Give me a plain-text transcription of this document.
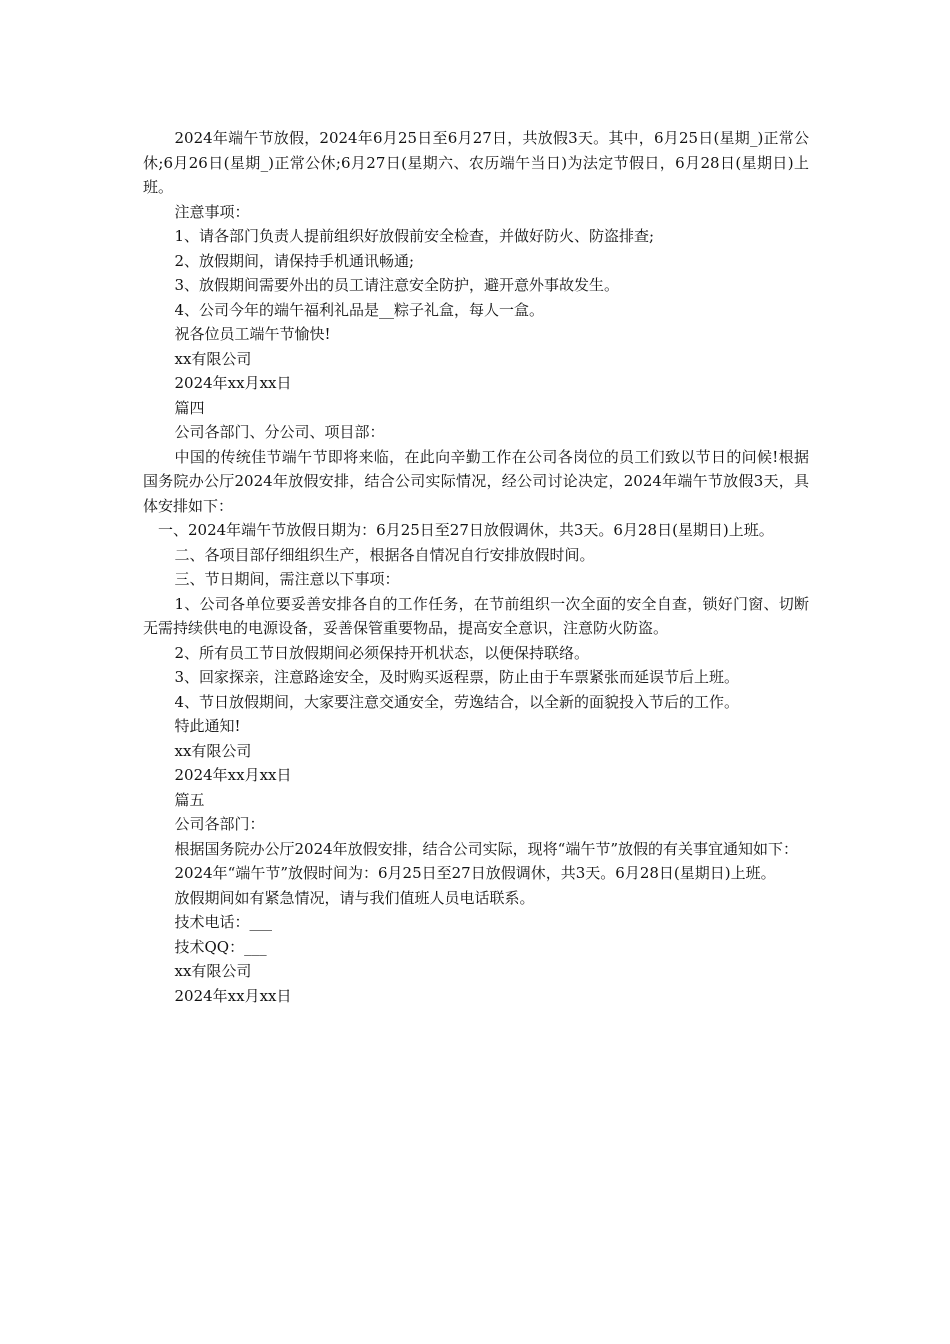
2024年端午节放假，2024年6月25日至6月27日，共放假3天。其中，6月25日(星期_)正常公休;6月26日(星期_)正常公休;6月27日(星期六、农历端午当日)为法定节假日，6月28日(星期日)上班。

注意事项：

1、请各部门负责人提前组织好放假前安全检查，并做好防火、防盗排查;

2、放假期间，请保持手机通讯畅通;

3、放假期间需要外出的员工请注意安全防护，避开意外事故发生。

4、公司今年的端午福利礼品是__粽子礼盒，每人一盒。

祝各位员工端午节愉快!

xx有限公司

2024年xx月xx日

篇四

公司各部门、分公司、项目部：

中国的传统佳节端午节即将来临，在此向辛勤工作在公司各岗位的员工们致以节日的问候!根据国务院办公厅2024年放假安排，结合公司实际情况，经公司讨论决定，2024年端午节放假3天，具体安排如下：

一、2024年端午节放假日期为：6月25日至27日放假调休，共3天。6月28日(星期日)上班。

二、各项目部仔细组织生产，根据各自情况自行安排放假时间。

三、节日期间，需注意以下事项：

1、公司各单位要妥善安排各自的工作任务，在节前组织一次全面的安全自查，锁好门窗、切断无需持续供电的电源设备，妥善保管重要物品，提高安全意识，注意防火防盗。

2、所有员工节日放假期间必须保持开机状态，以便保持联络。

3、回家探亲，注意路途安全，及时购买返程票，防止由于车票紧张而延误节后上班。

4、节日放假期间，大家要注意交通安全，劳逸结合，以全新的面貌投入节后的工作。

特此通知!

xx有限公司

2024年xx月xx日

篇五

公司各部门：

根据国务院办公厅2024年放假安排，结合公司实际，现将“端午节”放假的有关事宜通知如下：

2024年“端午节”放假时间为：6月25日至27日放假调休，共3天。6月28日(星期日)上班。

放假期间如有紧急情况，请与我们值班人员电话联系。

技术电话：___

技术QQ：___

xx有限公司

2024年xx月xx日
